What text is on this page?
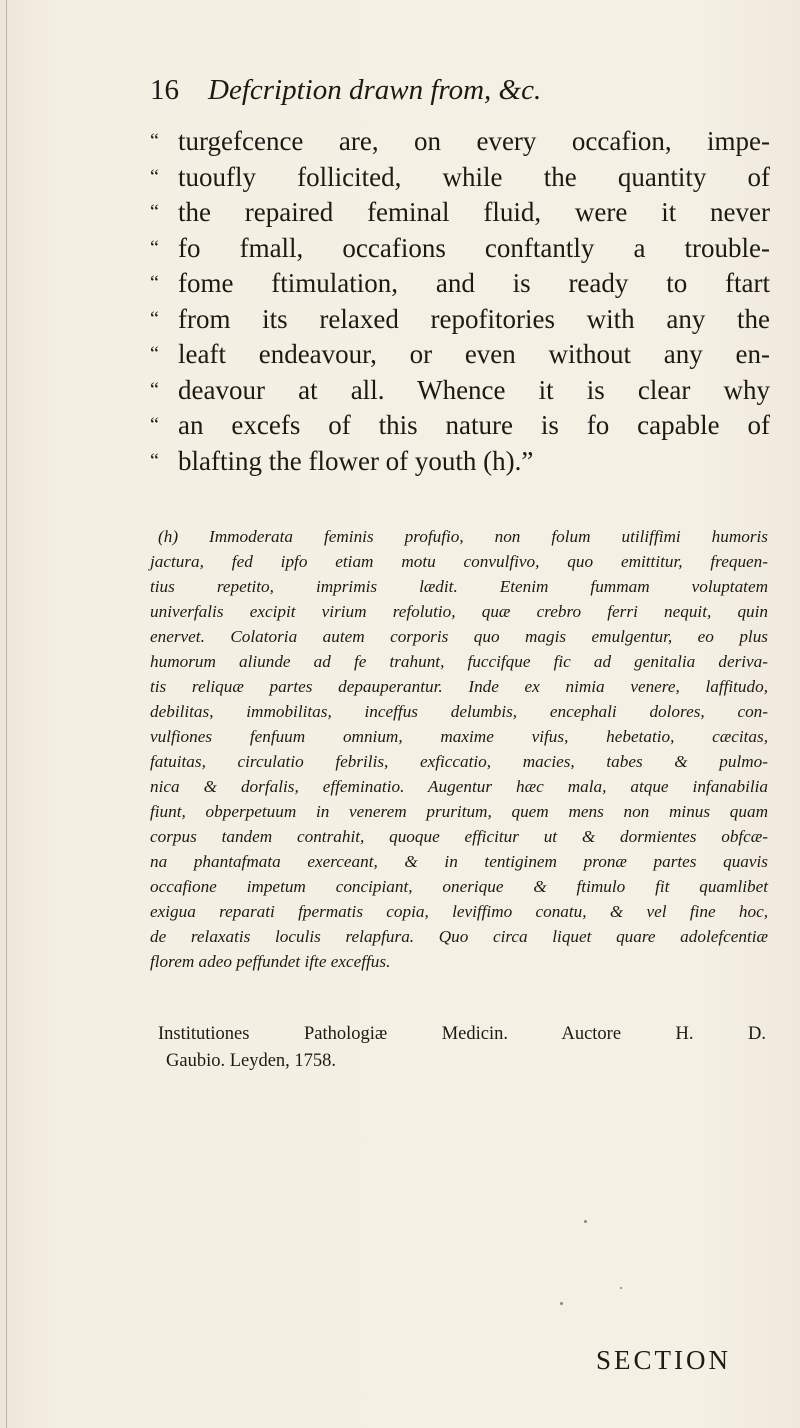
16 Defcription drawn from, &c.
“ turgefcence are, on every occafion, impe-
“ tuoufly follicited, while the quantity of
“ the repaired feminal fluid, were it never
“ fo fmall, occafions conftantly a trouble-
“ fome ftimulation, and is ready to ftart
“ from its relaxed repofitories with any the
“ leaft endeavour, or even without any en-
“ deavour at all. Whence it is clear why
“ an excefs of this nature is fo capable of
“ blafting the flower of youth (h).”
(h) Immoderata feminis profufio, non folum utiliffimi humoris
jactura, fed ipfo etiam motu convulfivo, quo emittitur, frequen-
tius repetito, imprimis lædit. Etenim fummam voluptatem
univerfalis excipit virium refolutio, quæ crebro ferri nequit, quin
enervet. Colatoria autem corporis quo magis emulgentur, eo plus
humorum aliunde ad fe trahunt, fuccifque fic ad genitalia deriva-
tis reliquæ partes depauperantur. Inde ex nimia venere, laffitudo,
debilitas, immobilitas, inceffus delumbis, encephali dolores, con-
vulfiones fenfuum omnium, maxime vifus, hebetatio, cæcitas,
fatuitas, circulatio febrilis, exficcatio, macies, tabes & pulmo-
nica & dorfalis, effeminatio. Augentur hæc mala, atque infanabilia
fiunt, obperpetuum in venerem pruritum, quem mens non minus quam
corpus tandem contrahit, quoque efficitur ut & dormientes obfcæ-
na phantafmata exerceant, & in tentiginem pronæ partes quavis
occafione impetum concipiant, onerique & ftimulo fit quamlibet
exigua reparati fpermatis copia, leviffimo conatu, & vel fine hoc,
de relaxatis loculis relapfura. Quo circa liquet quare adolefcentiæ
florem adeo peffundet ifte exceffus.
Institutiones Pathologiæ Medicin. Auctore H. D.
Gaubio. Leyden, 1758.
SECTION
